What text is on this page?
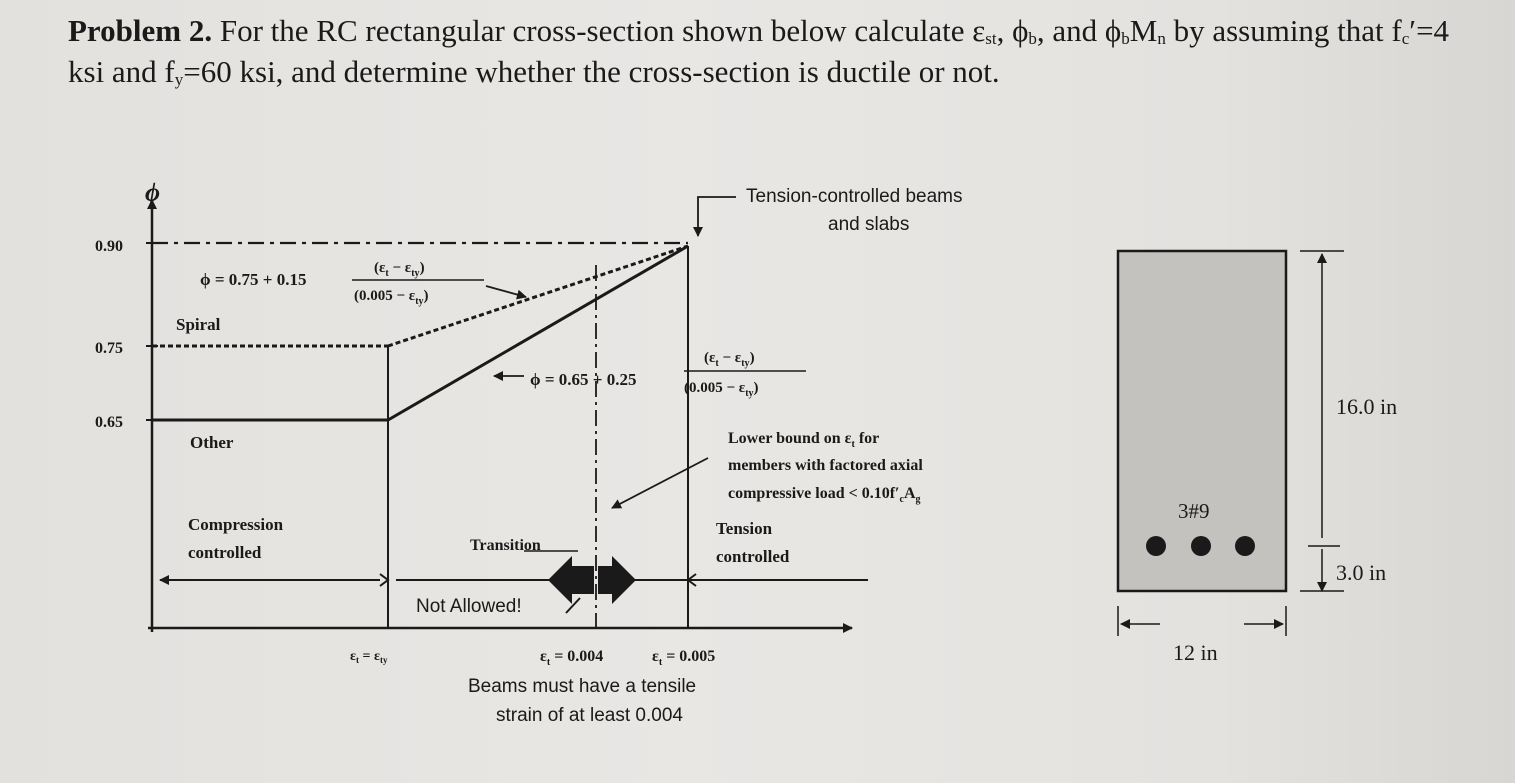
Problem 2. For the RC rectangular cross-section shown below calculate $\varepsilon_{st}$, $\phi_b$, and $\phi_bM_n$ by assuming that $f_c'=4$ ksi and $f_y=60$ ksi, and determine whether the cross-section is ductile or not.

ϕ
0.90
0.75
0.65
ϕ = 0.75 + 0.15
$(\varepsilon_t - \varepsilon_{ty})$
$(0.005 - \varepsilon_{ty})$
Spiral
ϕ = 0.65 + 0.25
$(\varepsilon_t - \varepsilon_{ty})$
$(0.005 - \varepsilon_{ty})$
Other
Tension-controlled beams
and slabs
Lower bound on $\varepsilon_t$ for
members with factored axial
compressive load < $0.10f'_cA_g$
Compression
controlled	Transition
Tension
controlled
Not Allowed!
$\varepsilon_t = \varepsilon_{ty}$	$\varepsilon_t = 0.004$	$\varepsilon_t = 0.005$
Beams must have a tensile
strain of at least 0.004
3#9
16.0 in
3.0 in
12 in
